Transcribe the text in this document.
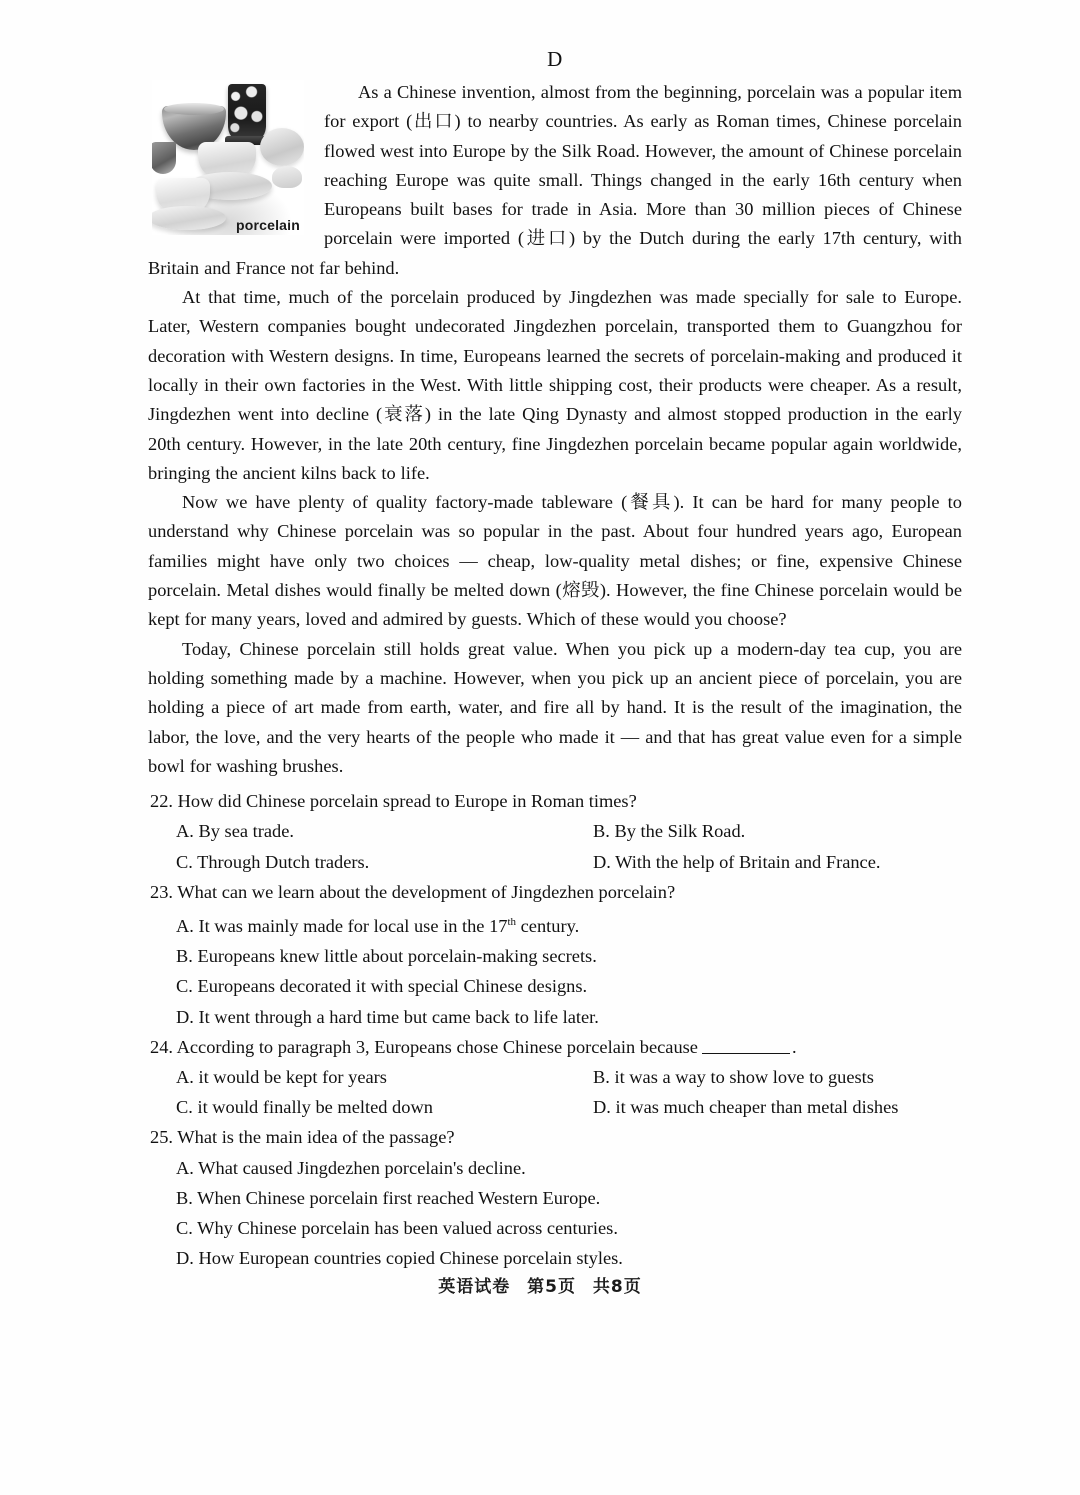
D
porcelain

As a Chinese invention, almost from the beginning, porcelain was a popular item for export (出口) to nearby countries. As early as Roman times, Chinese porcelain flowed west into Europe by the Silk Road. However, the amount of Chinese porcelain reaching Europe was quite small. Things changed in the early 16th century when Europeans built bases for trade in Asia. More than 30 million pieces of Chinese porcelain were imported (进口) by the Dutch during the early 17th century, with Britain and France not far behind.

At that time, much of the porcelain produced by Jingdezhen was made specially for sale to Europe. Later, Western companies bought undecorated Jingdezhen porcelain, transported them to Guangzhou for decoration with Western designs. In time, Europeans learned the secrets of porcelain-making and produced it locally in their own factories in the West. With little shipping cost, their products were cheaper. As a result, Jingdezhen went into decline (衰落) in the late Qing Dynasty and almost stopped production in the early 20th century. However, in the late 20th century, fine Jingdezhen porcelain became popular again worldwide, bringing the ancient kilns back to life.

Now we have plenty of quality factory-made tableware (餐具). It can be hard for many people to understand why Chinese porcelain was so popular in the past. About four hundred years ago, European families might have only two choices — cheap, low-quality metal dishes; or fine, expensive Chinese porcelain. Metal dishes would finally be melted down (熔毁). However, the fine Chinese porcelain would be kept for many years, loved and admired by guests. Which of these would you choose?

Today, Chinese porcelain still holds great value. When you pick up a modern-day tea cup, you are holding something made by a machine. However, when you pick up an ancient piece of porcelain, you are holding a piece of art made from earth, water, and fire all by hand. It is the result of the imagination, the labor, the love, and the very hearts of the people who made it — and that has great value even for a simple bowl for washing brushes.

22. How did Chinese porcelain spread to Europe in Roman times?
A. By sea trade.	B. By the Silk Road.
C. Through Dutch traders.	D. With the help of Britain and France.
23. What can we learn about the development of Jingdezhen porcelain?
A. It was mainly made for local use in the 17th century.
B. Europeans knew little about porcelain-making secrets.
C. Europeans decorated it with special Chinese designs.
D. It went through a hard time but came back to life later.
24. According to paragraph 3, Europeans chose Chinese porcelain because	.
A. it would be kept for years	B. it was a way to show love to guests
C. it would finally be melted down	D. it was much cheaper than metal dishes
25. What is the main idea of the passage?
A. What caused Jingdezhen porcelain's decline.
B. When Chinese porcelain first reached Western Europe.
C. Why Chinese porcelain has been valued across centuries.
D. How European countries copied Chinese porcelain styles.
英语试卷 第5页 共8页
